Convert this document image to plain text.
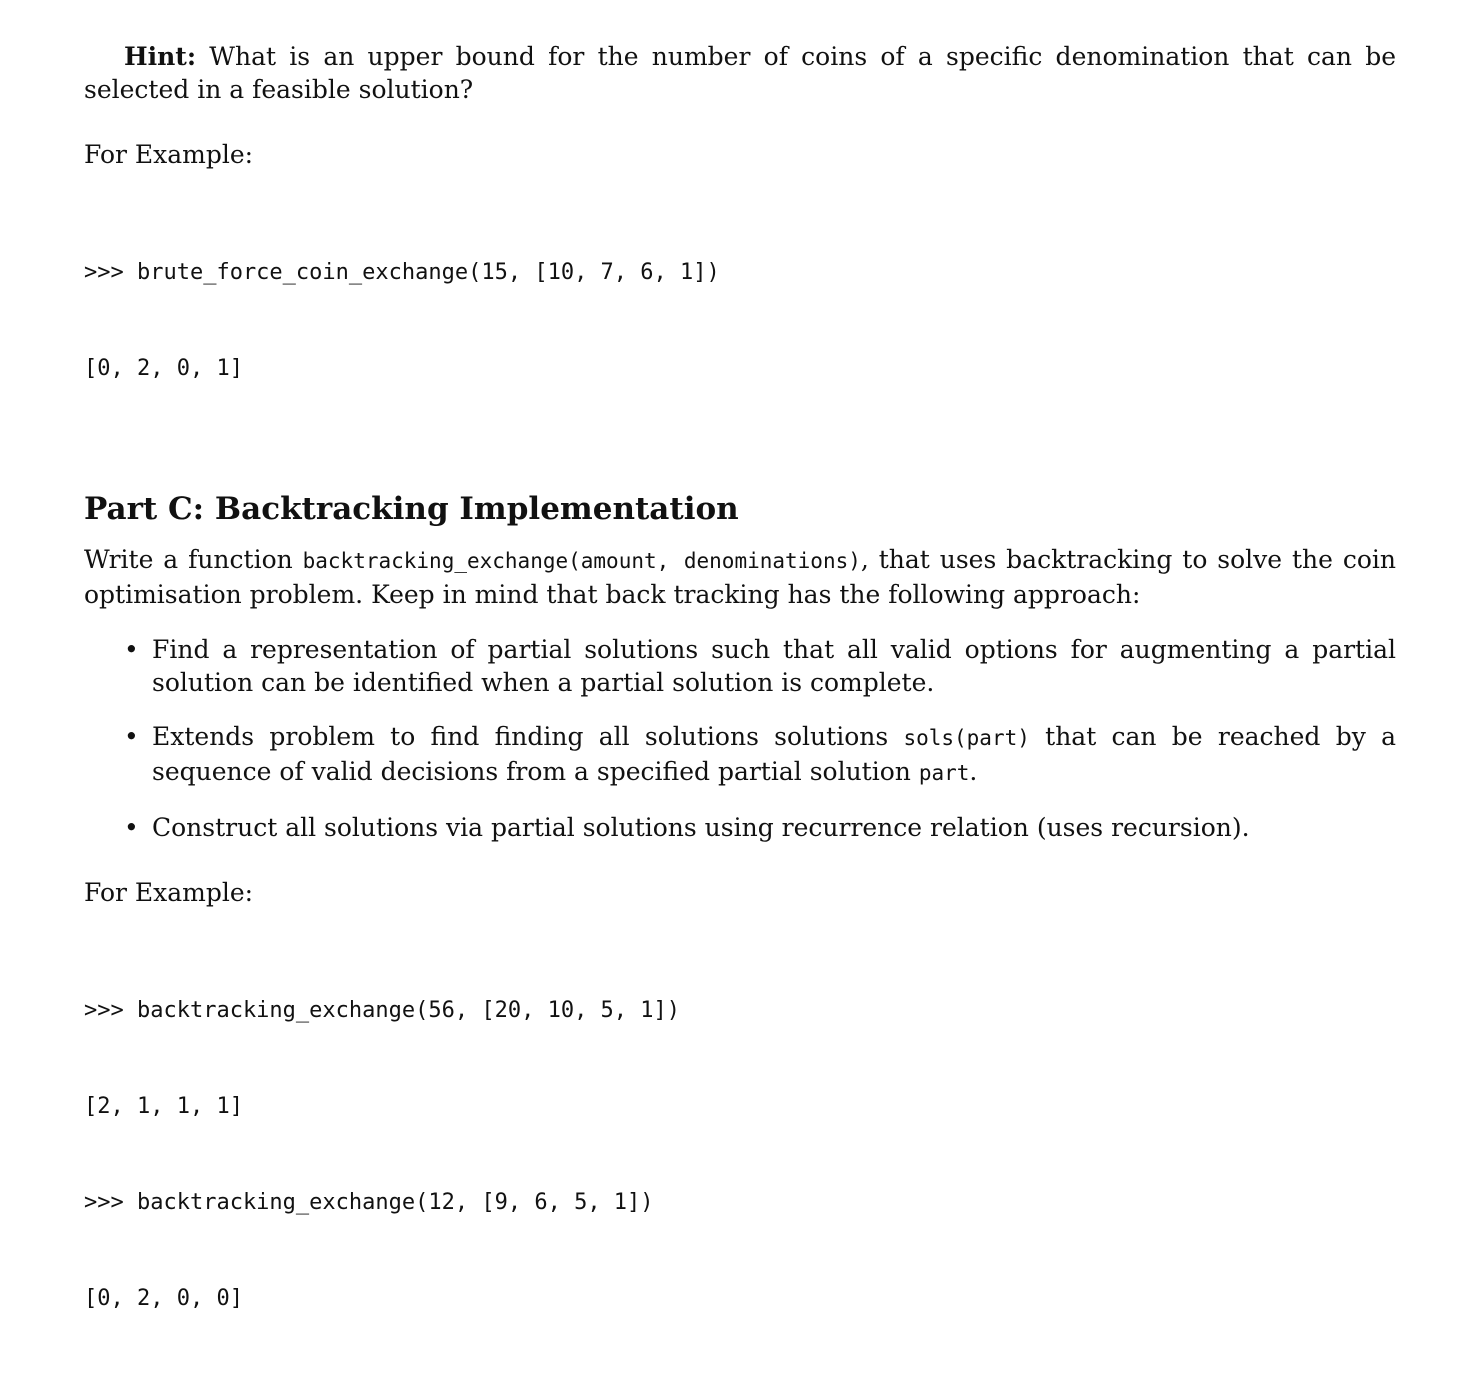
Hint: What is an upper bound for the number of coins of a specific denomination that can be selected in a feasible solution?

For Example:

>>> brute_force_coin_exchange(15, [10, 7, 6, 1])

[0, 2, 0, 1]

Part C: Backtracking Implementation

Write a function backtracking_exchange(amount, denominations), that uses backtracking to solve the coin optimisation problem. Keep in mind that back tracking has the following approach:

• Find a representation of partial solutions such that all valid options for augmenting a partial solution can be identified when a partial solution is complete.
• Extends problem to find finding all solutions solutions sols(part) that can be reached by a sequence of valid decisions from a specified partial solution part.
• Construct all solutions via partial solutions using recurrence relation (uses recursion).

For Example:

>>> backtracking_exchange(56, [20, 10, 5, 1])

[2, 1, 1, 1]

>>> backtracking_exchange(12, [9, 6, 5, 1])

[0, 2, 0, 0]
